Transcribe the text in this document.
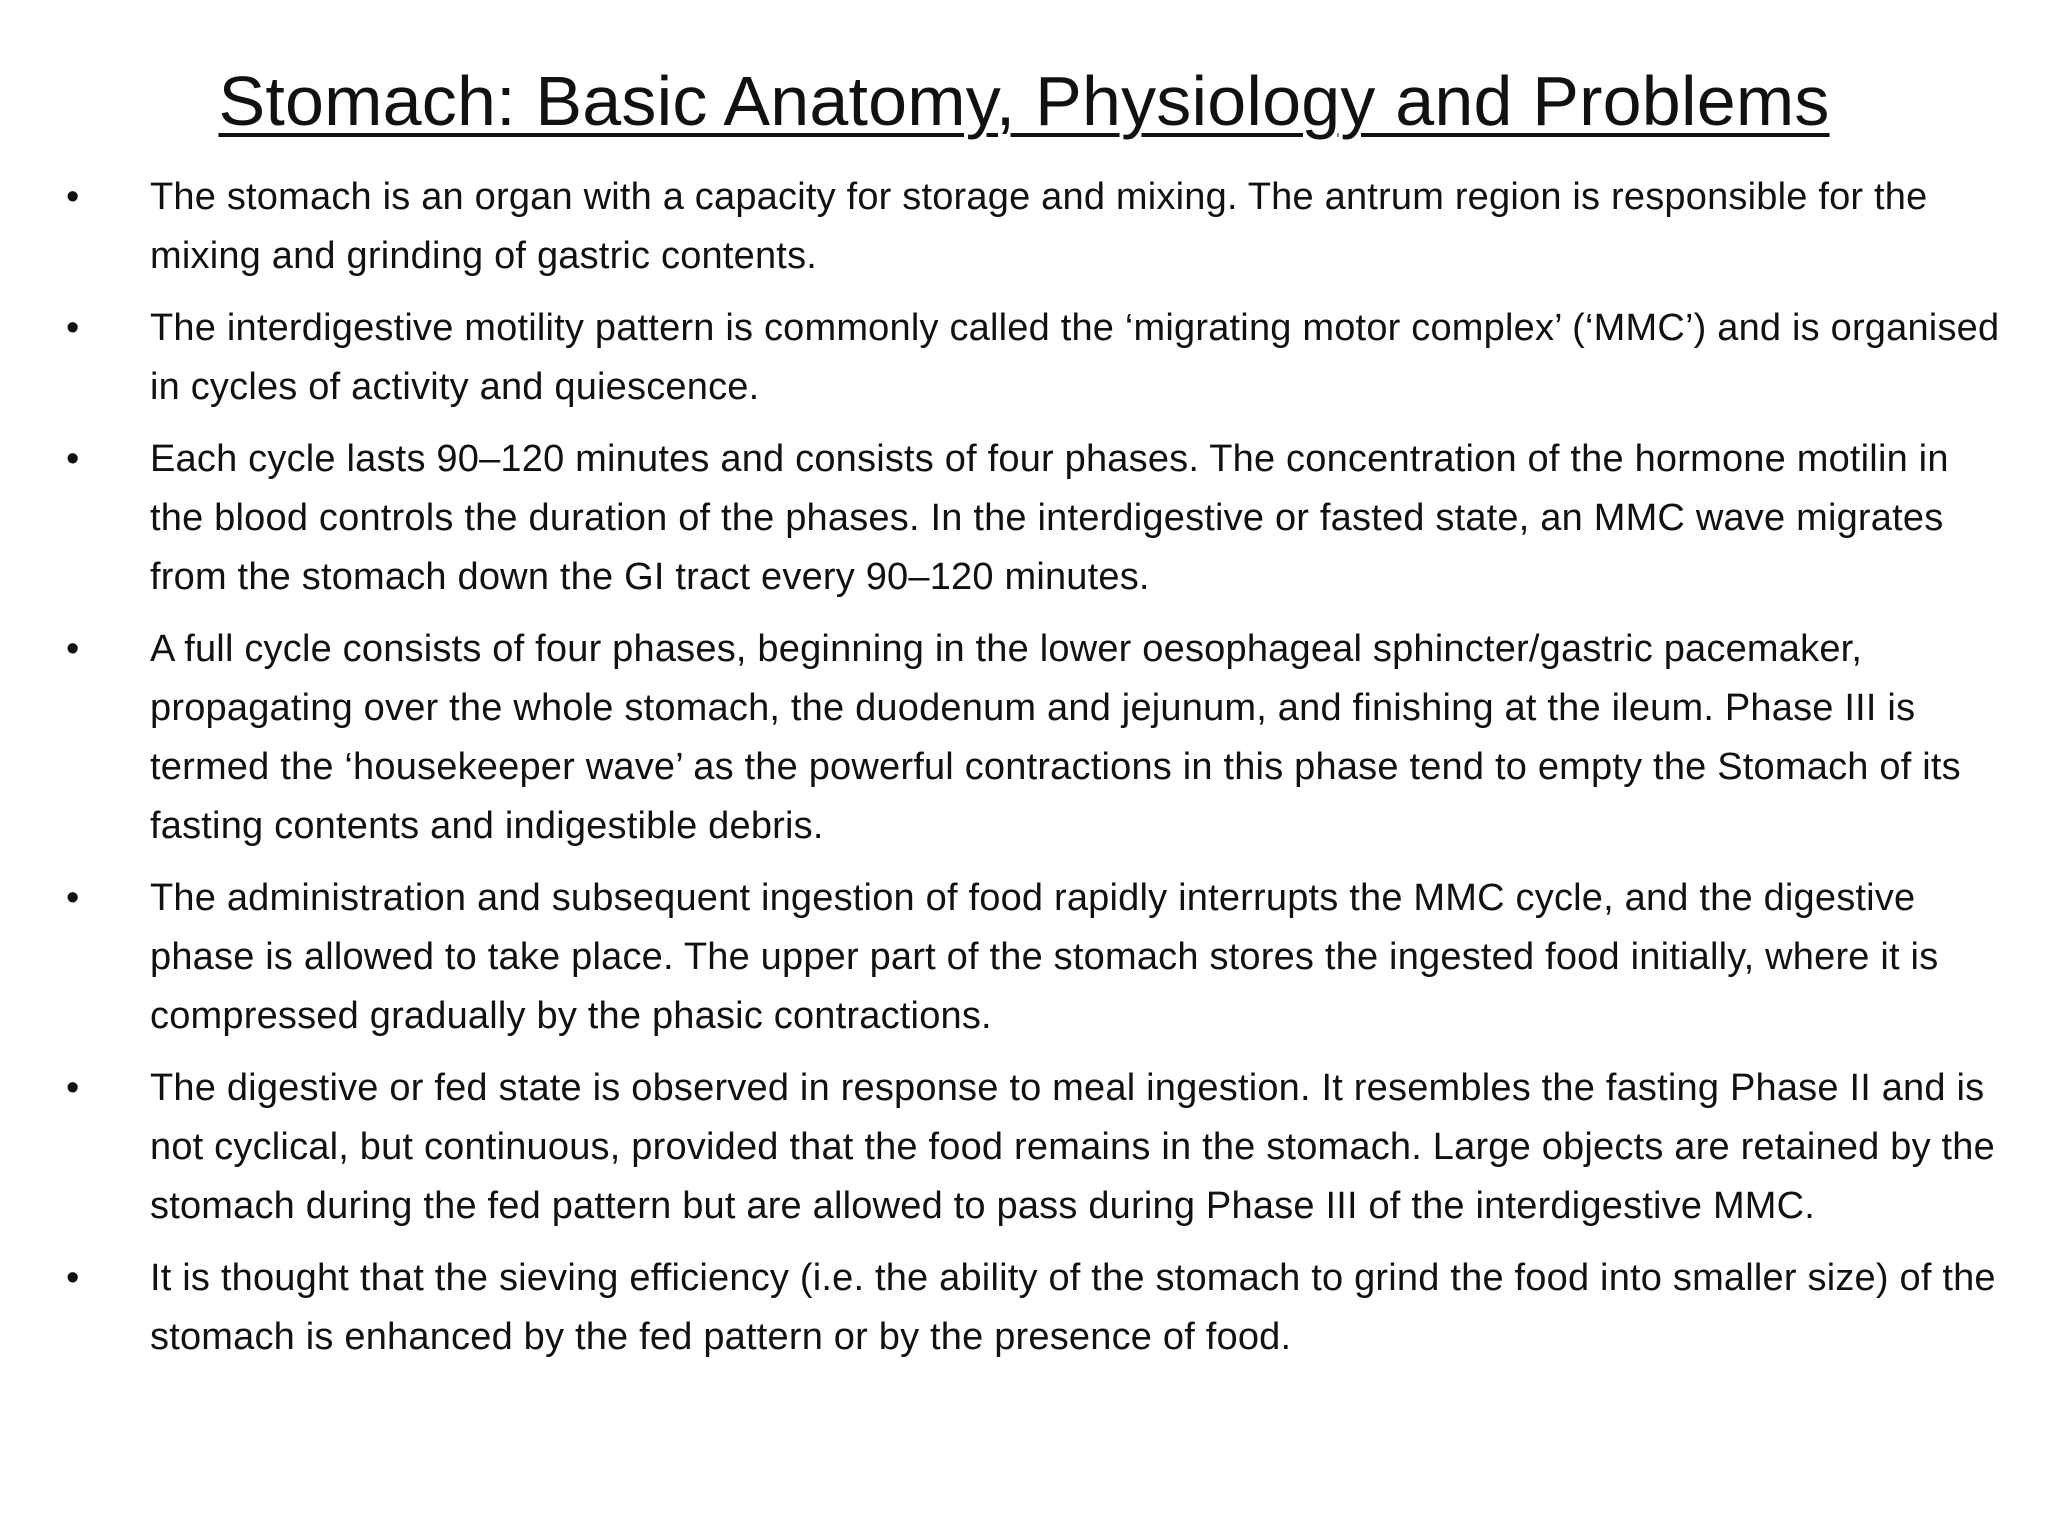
Stomach: Basic Anatomy, Physiology and Problems
• The stomach is an organ with a capacity for storage and mixing. The antrum region is responsible for the mixing and grinding of gastric contents.
• The interdigestive motility pattern is commonly called the ‘migrating motor complex’ (‘MMC’) and is organised in cycles of activity and quiescence.
• Each cycle lasts 90–120 minutes and consists of four phases. The concentration of the hormone motilin in the blood controls the duration of the phases. In the interdigestive or fasted state, an MMC wave migrates from the stomach down the GI tract every 90–120 minutes.
• A full cycle consists of four phases, beginning in the lower oesophageal sphincter/gastric pacemaker, propagating over the whole stomach, the duodenum and jejunum, and finishing at the ileum. Phase III is termed the ‘housekeeper wave’ as the powerful contractions in this phase tend to empty the Stomach of its fasting contents and indigestible debris.
• The administration and subsequent ingestion of food rapidly interrupts the MMC cycle, and the digestive phase is allowed to take place. The upper part of the stomach stores the ingested food initially, where it is compressed gradually by the phasic contractions.
• The digestive or fed state is observed in response to meal ingestion. It resembles the fasting Phase II and is not cyclical, but continuous, provided that the food remains in the stomach. Large objects are retained by the stomach during the fed pattern but are allowed to pass during Phase III of the interdigestive MMC.
• It is thought that the sieving efficiency (i.e. the ability of the stomach to grind the food into smaller size) of the stomach is enhanced by the fed pattern or by the presence of food.
